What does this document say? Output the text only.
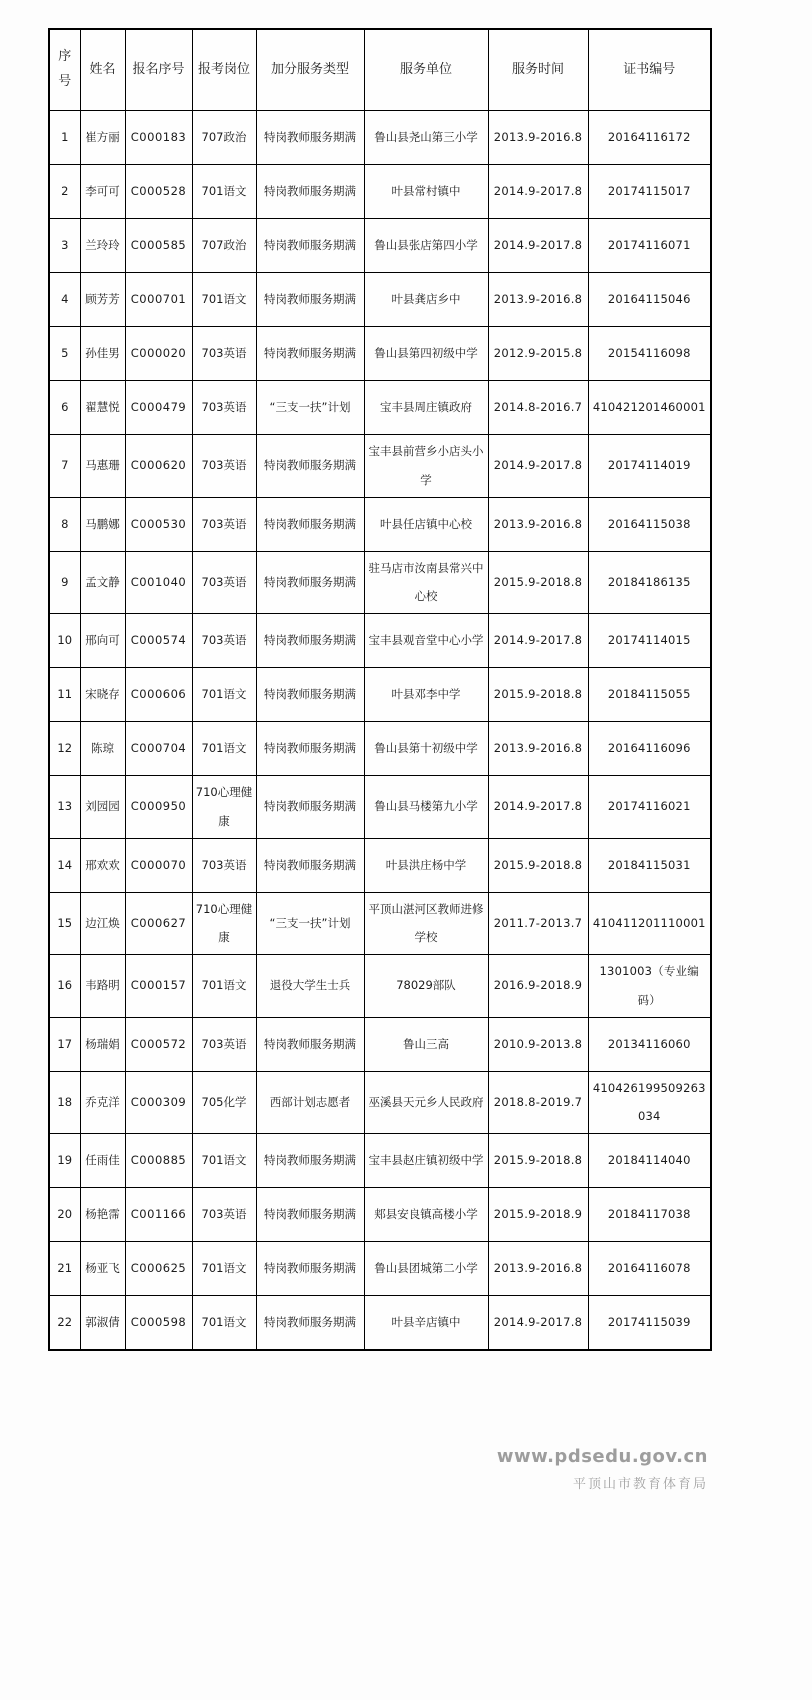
序号	姓名	报名序号	报考岗位	加分服务类型	服务单位	服务时间	证书编号
1	崔方丽	C000183	707政治	特岗教师服务期满	鲁山县尧山第三小学	2013.9-2016.8	20164116172
2	李可可	C000528	701语文	特岗教师服务期满	叶县常村镇中	2014.9-2017.8	20174115017
3	兰玲玲	C000585	707政治	特岗教师服务期满	鲁山县张店第四小学	2014.9-2017.8	20174116071
4	顾芳芳	C000701	701语文	特岗教师服务期满	叶县龚店乡中	2013.9-2016.8	20164115046
5	孙佳男	C000020	703英语	特岗教师服务期满	鲁山县第四初级中学	2012.9-2015.8	20154116098
6	翟慧悦	C000479	703英语	“三支一扶”计划	宝丰县周庄镇政府	2014.8-2016.7	410421201460001
7	马惠珊	C000620	703英语	特岗教师服务期满	宝丰县前营乡小店头小学	2014.9-2017.8	20174114019
8	马鹏娜	C000530	703英语	特岗教师服务期满	叶县任店镇中心校	2013.9-2016.8	20164115038
9	孟文静	C001040	703英语	特岗教师服务期满	驻马店市汝南县常兴中心校	2015.9-2018.8	20184186135
10	邢向可	C000574	703英语	特岗教师服务期满	宝丰县观音堂中心小学	2014.9-2017.8	20174114015
11	宋晓存	C000606	701语文	特岗教师服务期满	叶县邓李中学	2015.9-2018.8	20184115055
12	陈琼	C000704	701语文	特岗教师服务期满	鲁山县第十初级中学	2013.9-2016.8	20164116096
13	刘园园	C000950	710心理健康	特岗教师服务期满	鲁山县马楼第九小学	2014.9-2017.8	20174116021
14	邢欢欢	C000070	703英语	特岗教师服务期满	叶县洪庄杨中学	2015.9-2018.8	20184115031
15	边江焕	C000627	710心理健康	“三支一扶”计划	平顶山湛河区教师进修学校	2011.7-2013.7	410411201110001
16	韦路明	C000157	701语文	退役大学生士兵	78029部队	2016.9-2018.9	1301003（专业编码）
17	杨瑞娟	C000572	703英语	特岗教师服务期满	鲁山三高	2010.9-2013.8	20134116060
18	乔克洋	C000309	705化学	西部计划志愿者	巫溪县天元乡人民政府	2018.8-2019.7	410426199509263034
19	任雨佳	C000885	701语文	特岗教师服务期满	宝丰县赵庄镇初级中学	2015.9-2018.8	20184114040
20	杨艳霈	C001166	703英语	特岗教师服务期满	郏县安良镇高楼小学	2015.9-2018.9	20184117038
21	杨亚飞	C000625	701语文	特岗教师服务期满	鲁山县团城第二小学	2013.9-2016.8	20164116078
22	郭淑倩	C000598	701语文	特岗教师服务期满	叶县辛店镇中	2014.9-2017.8	20174115039
www.pdsedu.gov.cn
平顶山市教育体育局
